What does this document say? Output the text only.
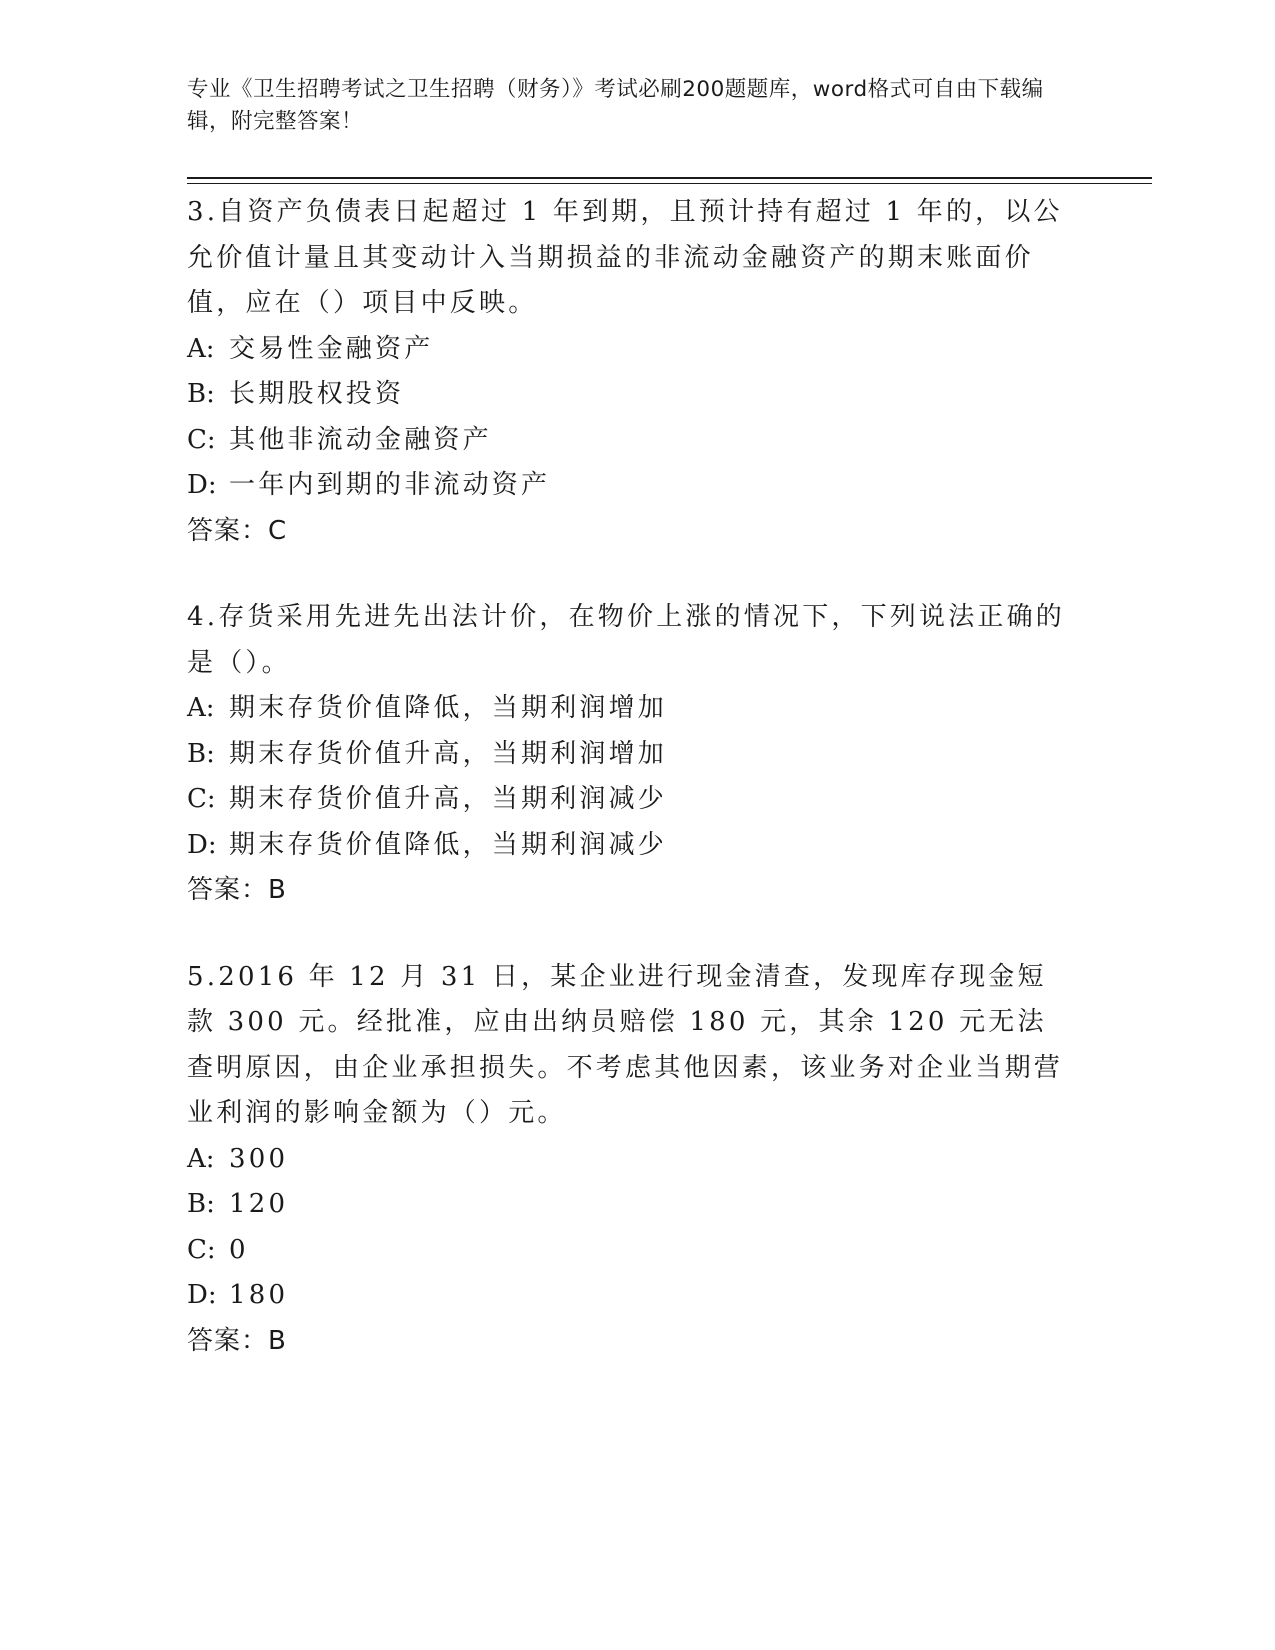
专业《卫生招聘考试之卫生招聘（财务）》考试必刷200题题库，word格式可自由下载编辑，附完整答案！

3.自资产负债表日起超过 1 年到期，且预计持有超过 1 年的，以公允价值计量且其变动计入当期损益的非流动金融资产的期末账面价值，应在（）项目中反映。

A: 交易性金融资产

B: 长期股权投资

C: 其他非流动金融资产

D: 一年内到期的非流动资产

答案：C

4.存货采用先进先出法计价，在物价上涨的情况下，下列说法正确的是（）。

A: 期末存货价值降低，当期利润增加

B: 期末存货价值升高，当期利润增加

C: 期末存货价值升高，当期利润减少

D: 期末存货价值降低，当期利润减少

答案：B

5.2016 年 12 月 31 日，某企业进行现金清查，发现库存现金短款 300 元。经批准，应由出纳员赔偿 180 元，其余 120 元无法查明原因，由企业承担损失。不考虑其他因素，该业务对企业当期营业利润的影响金额为（）元。

A: 300

B: 120

C: 0

D: 180

答案：B
